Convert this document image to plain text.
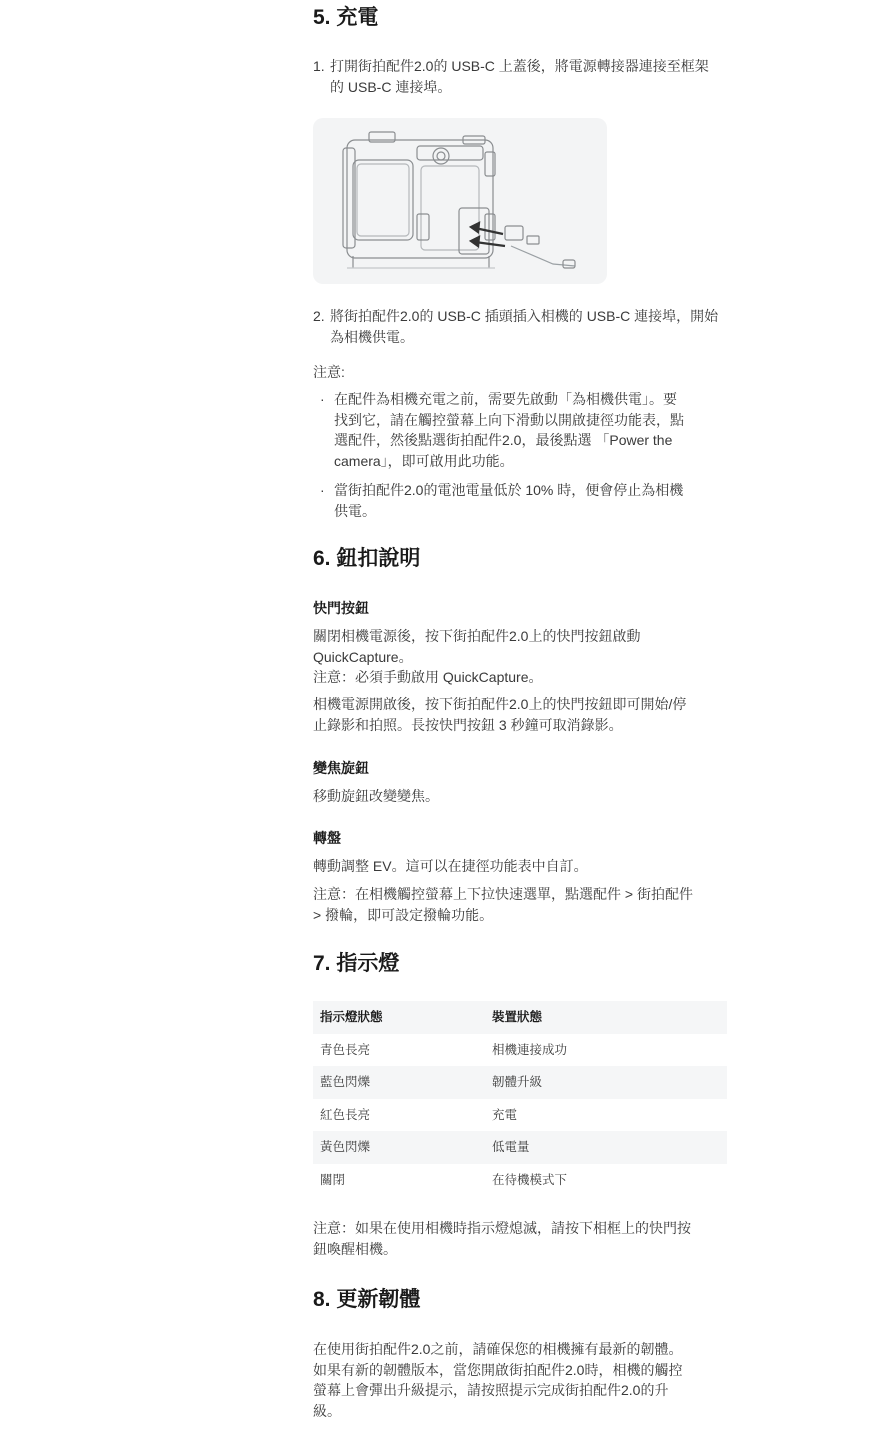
5. 充電
1. 打開街拍配件2.0的 USB-C 上蓋後，將電源轉接器連接至框架
的 USB-C 連接埠。
2. 將街拍配件2.0的 USB-C 插頭插入相機的 USB-C 連接埠，開始
為相機供電。

注意:

· 在配件為相機充電之前，需要先啟動「為相機供電」。要
找到它，請在觸控螢幕上向下滑動以開啟捷徑功能表，點
選配件，然後點選街拍配件2.0，最後點選 「Power the
camera」，即可啟用此功能。
· 當街拍配件2.0的電池電量低於 10% 時，便會停止為相機
供電。
6. 鈕扣說明
快門按鈕

關閉相機電源後，按下街拍配件2.0上的快門按鈕啟動

QuickCapture。

注意：必須手動啟用 QuickCapture。

相機電源開啟後，按下街拍配件2.0上的快門按鈕即可開始/停

止錄影和拍照。長按快門按鈕 3 秒鐘可取消錄影。

變焦旋鈕

移動旋鈕改變變焦。

轉盤

轉動調整 EV。這可以在捷徑功能表中自訂。

注意：在相機觸控螢幕上下拉快速選單，點選配件 > 街拍配件

> 撥輪，即可設定撥輪功能。

7. 指示燈
指示燈狀態	裝置狀態
青色長亮	相機連接成功
藍色閃爍	韌體升級
紅色長亮	充電
黃色閃爍	低電量
關閉	在待機模式下

注意：如果在使用相機時指示燈熄滅，請按下相框上的快門按

鈕喚醒相機。

8. 更新韌體

在使用街拍配件2.0之前，請確保您的相機擁有最新的韌體。

如果有新的韌體版本，當您開啟街拍配件2.0時，相機的觸控

螢幕上會彈出升級提示，請按照提示完成街拍配件2.0的升

級。
